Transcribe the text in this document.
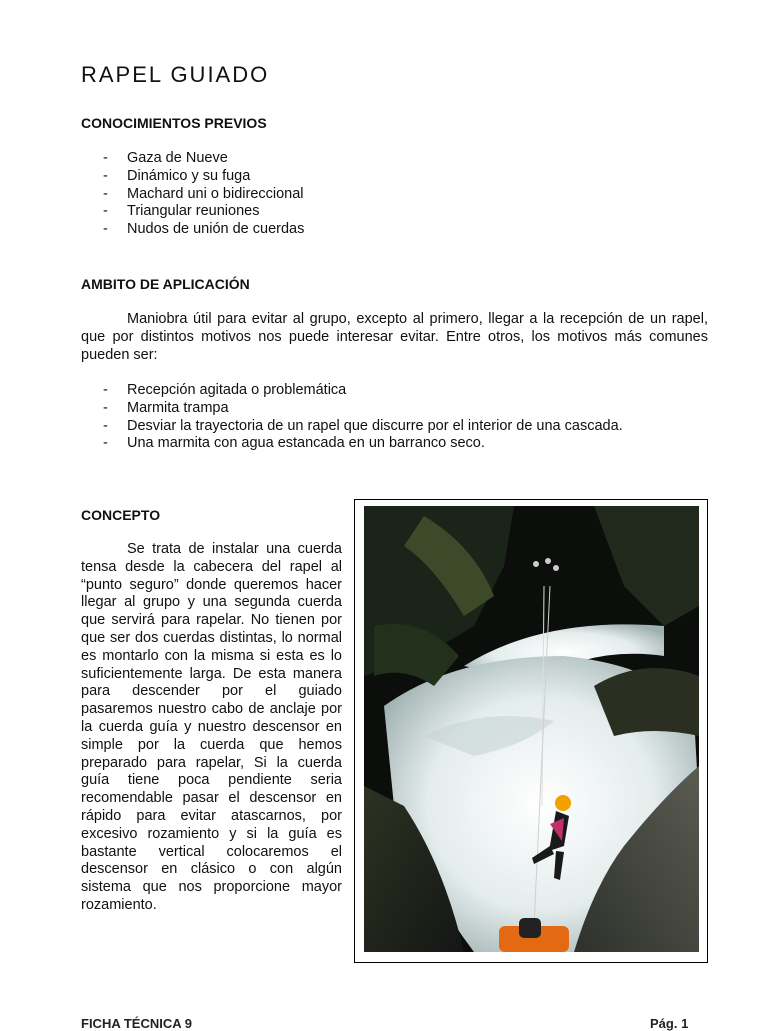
RAPEL GUIADO
CONOCIMIENTOS PREVIOS
- Gaza de Nueve
- Dinámico y su fuga
- Machard uni o bidireccional
- Triangular reuniones
- Nudos de unión de cuerdas
AMBITO DE APLICACIÓN

Maniobra útil para evitar al grupo, excepto al primero, llegar a la recepción de un rapel, que por distintos motivos nos puede interesar evitar. Entre otros, los motivos más comunes pueden ser:

- Recepción agitada o problemática
- Marmita trampa
- Desviar la trayectoria de un rapel que discurre por el interior de una cascada.
- Una marmita con agua estancada en un barranco seco.
CONCEPTO

Se trata de instalar una cuerda tensa desde la cabecera del rapel al “punto seguro” donde queremos hacer llegar al grupo y una segunda cuerda que servirá para rapelar. No tienen por que ser dos cuerdas distintas, lo normal es montarlo con la misma si esta es lo suficientemente larga. De esta manera para descender por el guiado pasaremos nuestro cabo de anclaje por la cuerda guía y nuestro descensor en simple por la cuerda que hemos preparado para rapelar, Si la cuerda guía tiene poca pendiente seria recomendable pasar el descensor en rápido para evitar atascarnos, por excesivo rozamiento y si la guía es bastante vertical colocaremos el descensor en clásico o con algún sistema que nos proporcione mayor rozamiento.

FICHA TÉCNICA 9	Pág. 1
